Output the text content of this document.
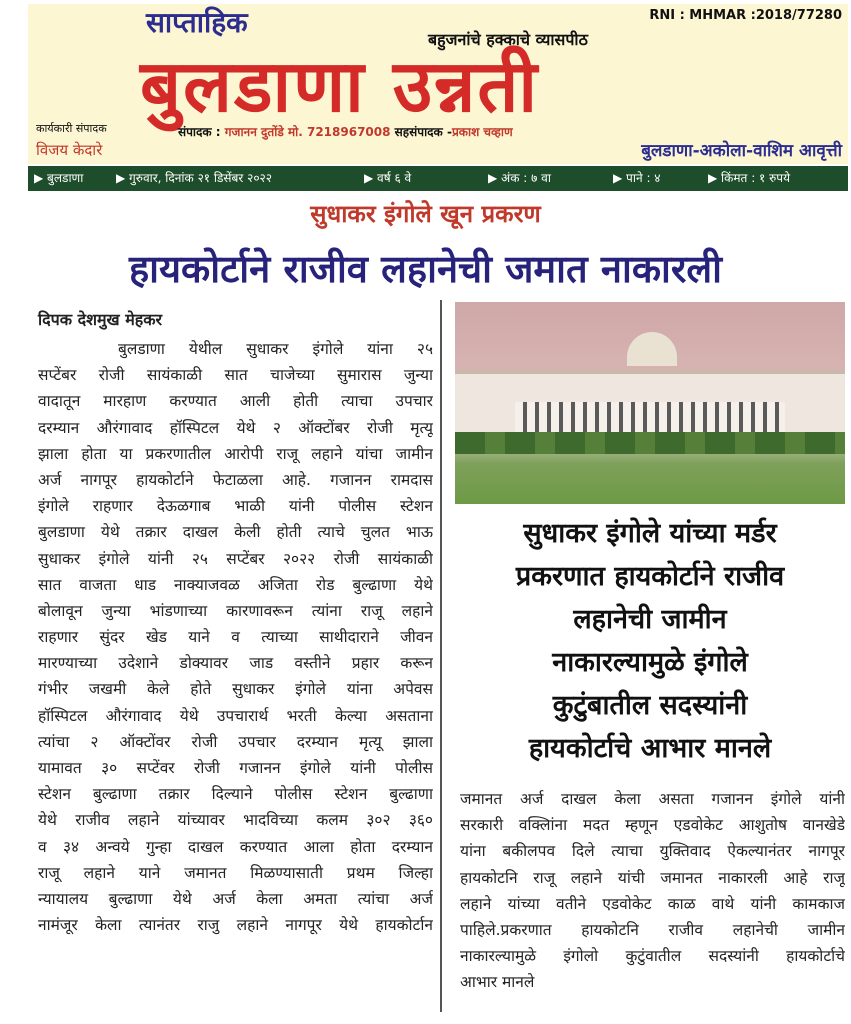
साप्ताहिक
बहुजनांचे हक्काचे व्यासपीठ
RNI : MHMAR :2018/77280
बुलडाणा उन्नती
कार्यकारी संपादक
विजय केदारे
संपादक : गजानन दुतोंडे मो. 7218967008 सहसंपादक -प्रकाश चव्हाण
बुलडाणा-अकोला-वाशिम आवृत्ती
▶ बुलडाणा	▶ गुरुवार, दिनांक २१ डिसेंबर २०२२	▶ वर्ष ६ वे	▶ अंक : ७ वा	▶ पाने : ४	▶ किंमत : १ रुपये
सुधाकर इंगोले खून प्रकरण
हायकोर्टाने राजीव लहानेची जमात नाकारली
दिपक देशमुख मेहकर
बुलडाणा येथील सुधाकर इंगोले यांना २५
सप्टेंबर रोजी सायंकाळी सात चाजेच्या सुमारास जुन्या
वादातून मारहाण करण्यात आली होती त्याचा उपचार
दरम्यान औरंगावाद हॉस्पिटल येथे २ ऑक्टोंबर रोजी मृत्यू
झाला होता या प्रकरणातील आरोपी राजू लहाने यांचा जामीन
अर्ज नागपूर हायकोर्टाने फेटाळला आहे. गजानन रामदास
इंगोले राहणार देऊळगाब भाळी यांनी पोलीस स्टेशन
बुलडाणा येथे तक्रार दाखल केली होती त्याचे चुलत भाऊ
सुधाकर इंगोले यांनी २५ सप्टेंबर २०२२ रोजी सायंकाळी
सात वाजता धाड नाक्याजवळ अजिता रोड बुल्ढाणा येथे
बोलावून जुन्या भांडणाच्या कारणावरून त्यांना राजू लहाने
राहणार सुंदर खेड याने व त्याच्या साथीदाराने जीवन
मारण्याच्या उदेशाने डोक्यावर जाड वस्तीने प्रहार करून
गंभीर जखमी केले होते सुधाकर इंगोले यांना अपेवस
हॉस्पिटल औरंगावाद येथे उपचारार्थ भरती केल्या असताना
त्यांचा २ ऑक्टोंवर रोजी उपचार दरम्यान मृत्यू झाला
यामावत ३० सप्टेंवर रोजी गजानन इंगोले यांनी पोलीस
स्टेशन बुल्ढाणा तक्रार दिल्याने पोलीस स्टेशन बुल्ढाणा
येथे राजीव लहाने यांच्यावर भादविच्या कलम ३०२ ३६०
व ३४ अन्वये गुन्हा दाखल करण्यात आला होता दरम्यान
राजू लहाने याने जमानत मिळण्यासाती प्रथम जिल्हा
न्यायालय बुल्ढाणा येथे अर्ज केला अमता त्यांचा अर्ज
नामंजूर केला त्यानंतर राजु लहाने नागपूर येथे हायकोर्टान
सुधाकर इंगोले यांच्या मर्डर
प्रकरणात हायकोर्टाने राजीव
लहानेची जामीन
नाकारल्यामुळे इंगोले
कुटुंबातील सदस्यांनी
हायकोर्टाचे आभार मानले
जमानत अर्ज दाखल केला असता गजानन इंगोले यांनी
सरकारी वक्लिांना मदत म्हणून एडवोकेट आशुतोष वानखेडे
यांना बकीलपव दिले त्याचा युक्तिवाद ऐकल्यानंतर नागपूर
हायकोटनि राजू लहाने यांची जमानत नाकारली आहे राजू
लहाने यांच्या वतीने एडवोकेट काळ वाथे यांनी कामकाज
पाहिले.प्रकरणात हायकोटनि राजीव लहानेची जामीन
नाकारल्यामुळे इंगोलो कुटुंवातील सदस्यांनी हायकोर्टाचे
आभार मानले
